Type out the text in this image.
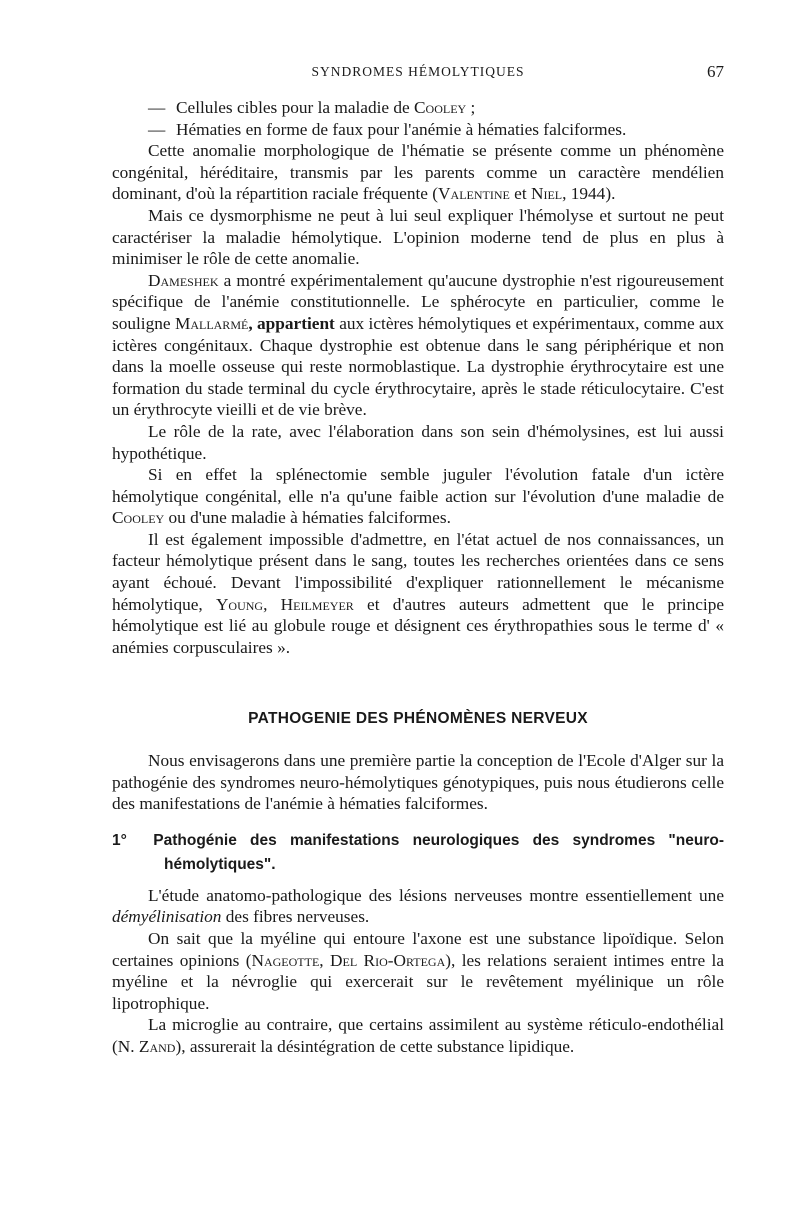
SYNDROMES HÉMOLYTIQUES	67

— Cellules cibles pour la maladie de Cooley ;

— Hématies en forme de faux pour l'anémie à hématies falciformes.

Cette anomalie morphologique de l'hématie se présente comme un phénomène congénital, héréditaire, transmis par les parents comme un caractère mendélien dominant, d'où la répartition raciale fréquente (Valentine et Niel, 1944).

Mais ce dysmorphisme ne peut à lui seul expliquer l'hémolyse et surtout ne peut caractériser la maladie hémolytique. L'opinion moderne tend de plus en plus à minimiser le rôle de cette anomalie.

Dameshek a montré expérimentalement qu'aucune dystrophie n'est rigoureusement spécifique de l'anémie constitutionnelle. Le sphérocyte en particulier, comme le souligne Mallarmé, appartient aux ictères hémolytiques et expérimentaux, comme aux ictères congénitaux. Chaque dystrophie est obtenue dans le sang périphérique et non dans la moelle osseuse qui reste normoblastique. La dystrophie érythrocytaire est une formation du stade terminal du cycle érythrocytaire, après le stade réticulocytaire. C'est un érythrocyte vieilli et de vie brève.

Le rôle de la rate, avec l'élaboration dans son sein d'hémolysines, est lui aussi hypothétique.

Si en effet la splénectomie semble juguler l'évolution fatale d'un ictère hémolytique congénital, elle n'a qu'une faible action sur l'évolution d'une maladie de Cooley ou d'une maladie à hématies falciformes.

Il est également impossible d'admettre, en l'état actuel de nos connaissances, un facteur hémolytique présent dans le sang, toutes les recherches orientées dans ce sens ayant échoué. Devant l'impossibilité d'expliquer rationnellement le mécanisme hémolytique, Young, Heilmeyer et d'autres auteurs admettent que le principe hémolytique est lié au globule rouge et désignent ces érythropathies sous le terme d' « anémies corpusculaires ».

PATHOGENIE DES PHÉNOMÈNES NERVEUX

Nous envisagerons dans une première partie la conception de l'Ecole d'Alger sur la pathogénie des syndromes neuro-hémolytiques génotypiques, puis nous étudierons celle des manifestations de l'anémie à hématies falciformes.

1° Pathogénie des manifestations neurologiques des syndromes "neuro-hémolytiques".

L'étude anatomo-pathologique des lésions nerveuses montre essentiellement une démyélinisation des fibres nerveuses.

On sait que la myéline qui entoure l'axone est une substance lipoïdique. Selon certaines opinions (Nageotte, Del Rio-Ortega), les relations seraient intimes entre la myéline et la névroglie qui exercerait sur le revêtement myélinique un rôle lipotrophique.

La microglie au contraire, que certains assimilent au système réticulo-endothélial (N. Zand), assurerait la désintégration de cette substance lipidique.
